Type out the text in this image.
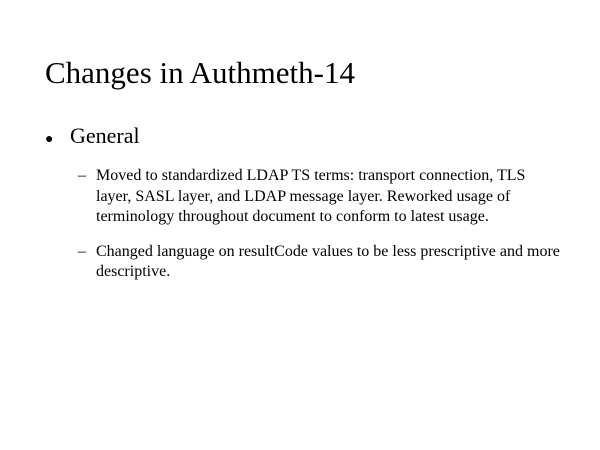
Changes in Authmeth-14
● General
– Moved to standardized LDAP TS terms: transport connection, TLS layer, SASL layer, and LDAP message layer. Reworked usage of terminology throughout document to conform to latest usage.
– Changed language on resultCode values to be less prescriptive and more descriptive.
